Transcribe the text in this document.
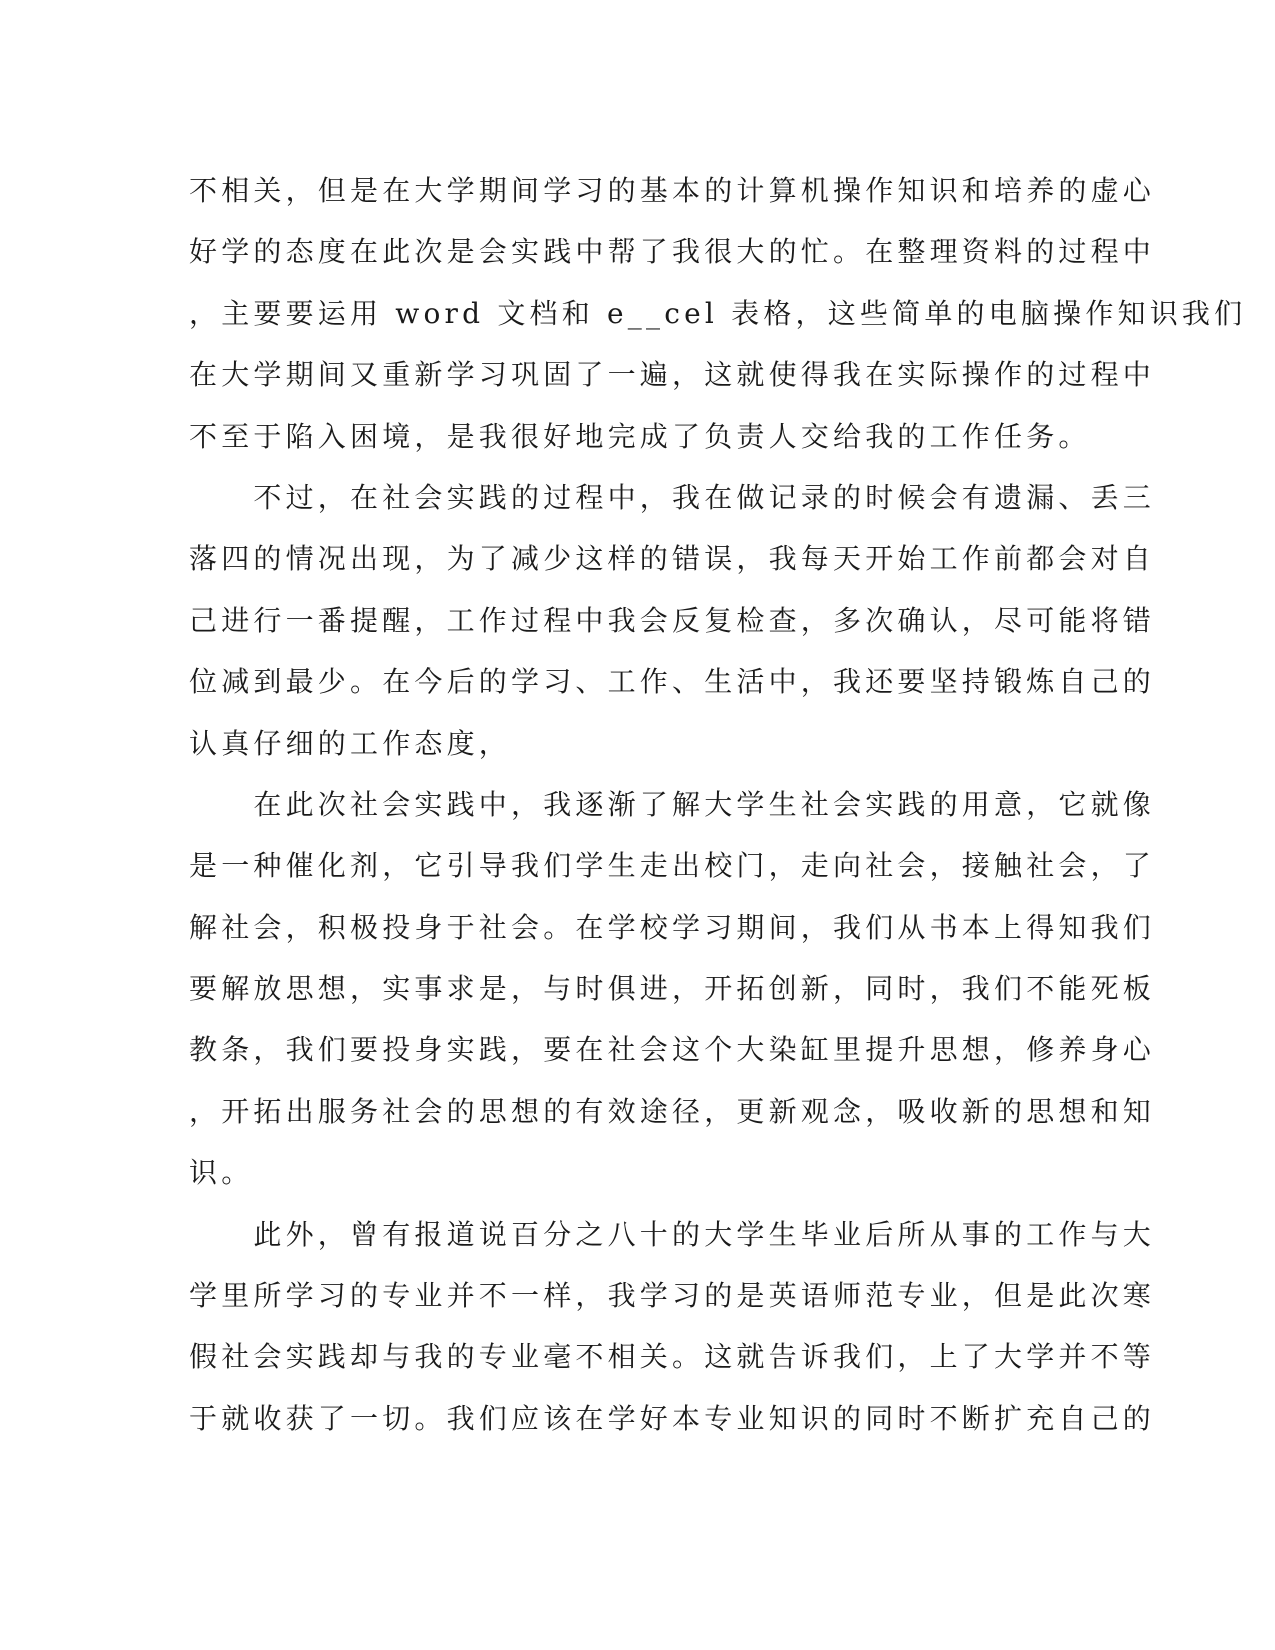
不相关，但是在大学期间学习的基本的计算机操作知识和培养的虚心
好学的态度在此次是会实践中帮了我很大的忙。在整理资料的过程中
，主要要运用 word 文档和 e__cel 表格，这些简单的电脑操作知识我们
在大学期间又重新学习巩固了一遍，这就使得我在实际操作的过程中
不至于陷入困境，是我很好地完成了负责人交给我的工作任务。
　　不过，在社会实践的过程中，我在做记录的时候会有遗漏、丢三
落四的情况出现，为了减少这样的错误，我每天开始工作前都会对自
己进行一番提醒，工作过程中我会反复检查，多次确认，尽可能将错
位减到最少。在今后的学习、工作、生活中，我还要坚持锻炼自己的
认真仔细的工作态度，
　　在此次社会实践中，我逐渐了解大学生社会实践的用意，它就像
是一种催化剂，它引导我们学生走出校门，走向社会，接触社会，了
解社会，积极投身于社会。在学校学习期间，我们从书本上得知我们
要解放思想，实事求是，与时俱进，开拓创新，同时，我们不能死板
教条，我们要投身实践，要在社会这个大染缸里提升思想，修养身心
，开拓出服务社会的思想的有效途径，更新观念，吸收新的思想和知
识。
　　此外，曾有报道说百分之八十的大学生毕业后所从事的工作与大
学里所学习的专业并不一样，我学习的是英语师范专业，但是此次寒
假社会实践却与我的专业毫不相关。这就告诉我们，上了大学并不等
于就收获了一切。我们应该在学好本专业知识的同时不断扩充自己的
